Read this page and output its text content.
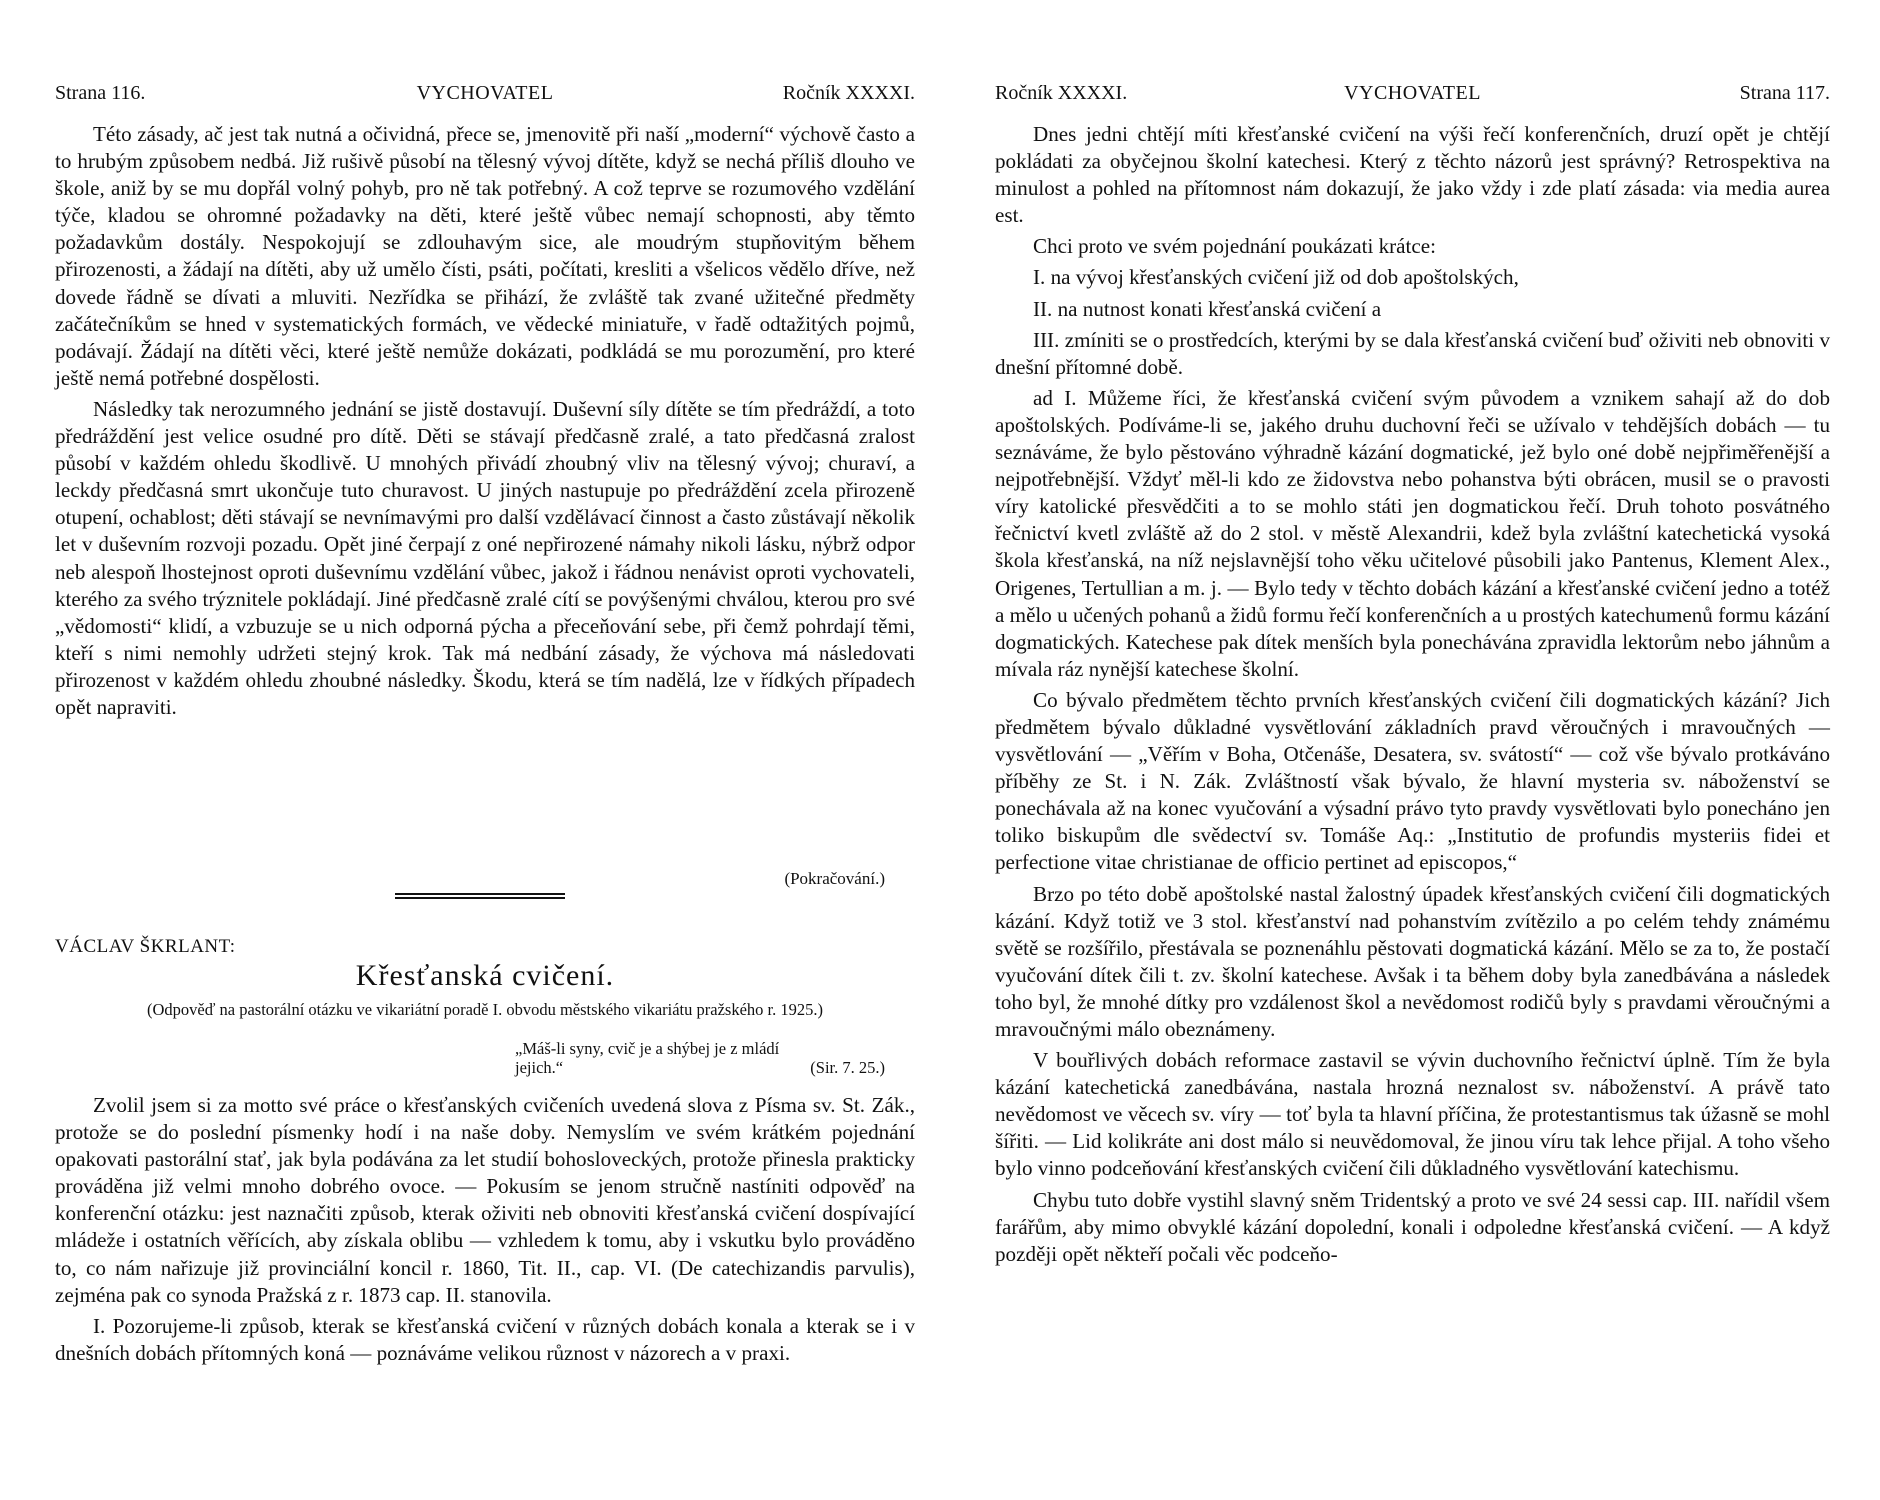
Strana 116.	VYCHOVATEL	Ročník XXXXI.

Této zásady, ač jest tak nutná a očividná, přece se, jmenovitě při naší „moderní“ výchově často a to hrubým způsobem nedbá. Již rušivě působí na tělesný vývoj dítěte, když se nechá příliš dlouho ve škole, aniž by se mu dopřál volný pohyb, pro ně tak potřebný. A což teprve se rozumového vzdělání týče, kladou se ohromné požadavky na děti, které ještě vůbec nemají schopnosti, aby těmto požadavkům dostály. Nespokojují se zdlouhavým sice, ale moudrým stupňovitým během přirozenosti, a žádají na dítěti, aby už umělo čísti, psáti, počítati, kresliti a všelicos vědělo dříve, než dovede řádně se dívati a mluviti. Nezřídka se přihází, že zvláště tak zvané užitečné předměty začátečníkům se hned v systematických formách, ve vědecké miniatuře, v řadě odtažitých pojmů, podávají. Žádají na dítěti věci, které ještě nemůže dokázati, podkládá se mu porozumění, pro které ještě nemá potřebné dospělosti.

Následky tak nerozumného jednání se jistě dostavují. Duševní síly dítěte se tím předráždí, a toto předráždění jest velice osudné pro dítě. Děti se stávají předčasně zralé, a tato předčasná zralost působí v každém ohledu škodlivě. U mnohých přivádí zhoubný vliv na tělesný vývoj; churaví, a leckdy předčasná smrt ukončuje tuto churavost. U jiných nastupuje po předráždění zcela přirozeně otupení, ochablost; děti stávají se nevnímavými pro další vzdělávací činnost a často zůstávají několik let v duševním rozvoji pozadu. Opět jiné čerpají z oné nepřirozené námahy nikoli lásku, nýbrž odpor neb alespoň lhostejnost oproti duševnímu vzdělání vůbec, jakož i řádnou nenávist oproti vychovateli, kterého za svého trýznitele pokládají. Jiné předčasně zralé cítí se povýšenými chválou, kterou pro své „vědomosti“ klidí, a vzbuzuje se u nich odporná pýcha a přeceňování sebe, při čemž pohrdají těmi, kteří s nimi nemohly udržeti stejný krok. Tak má nedbání zásady, že výchova má následovati přirozenost v každém ohledu zhoubné následky. Škodu, která se tím nadělá, lze v řídkých případech opět napraviti.

(Pokračování.)
VÁCLAV ŠKRLANT:
Křesťanská cvičení.
(Odpověď na pastorální otázku ve vikariátní poradě I. obvodu městského vikariátu pražského r. 1925.)
„Máš-li syny, cvič je a shýbej je z mládí
jejich.“	(Sir. 7. 25.)

Zvolil jsem si za motto své práce o křesťanských cvičeních uvedená slova z Písma sv. St. Zák., protože se do poslední písmenky hodí i na naše doby. Nemyslím ve svém krátkém pojednání opakovati pastorální stať, jak byla podávána za let studií bohosloveckých, protože přinesla prakticky prováděna již velmi mnoho dobrého ovoce. — Pokusím se jenom stručně nastíniti odpověď na konferenční otázku: jest naznačiti způsob, kterak oživiti neb obnoviti křesťanská cvičení dospívající mládeže i ostatních věřících, aby získala oblibu — vzhledem k tomu, aby i vskutku bylo prováděno to, co nám nařizuje již provinciální koncil r. 1860, Tit. II., cap. VI. (De catechizandis parvulis), zejména pak co synoda Pražská z r. 1873 cap. II. stanovila.

I. Pozorujeme-li způsob, kterak se křesťanská cvičení v různých dobách konala a kterak se i v dnešních dobách přítomných koná — poznáváme velikou různost v názorech a v praxi.

Ročník XXXXI.	VYCHOVATEL	Strana 117.

Dnes jedni chtějí míti křesťanské cvičení na výši řečí konferenčních, druzí opět je chtějí pokládati za obyčejnou školní katechesi. Který z těchto názorů jest správný? Retrospektiva na minulost a pohled na přítomnost nám dokazují, že jako vždy i zde platí zásada: via media aurea est.

Chci proto ve svém pojednání poukázati krátce:

I. na vývoj křesťanských cvičení již od dob apoštolských,

II. na nutnost konati křesťanská cvičení a

III. zmíniti se o prostředcích, kterými by se dala křesťanská cvičení buď oživiti neb obnoviti v dnešní přítomné době.

ad I. Můžeme říci, že křesťanská cvičení svým původem a vznikem sahají až do dob apoštolských. Podíváme-li se, jakého druhu duchovní řeči se užívalo v tehdějších dobách — tu seznáváme, že bylo pěstováno výhradně kázání dogmatické, jež bylo oné době nejpřiměřenější a nejpotřebnější. Vždyť měl-li kdo ze židovstva nebo pohanstva býti obrácen, musil se o pravosti víry katolické přesvědčiti a to se mohlo státi jen dogmatickou řečí. Druh tohoto posvátného řečnictví kvetl zvláště až do 2 stol. v městě Alexandrii, kdež byla zvláštní katechetická vysoká škola křesťanská, na níž nejslavnější toho věku učitelové působili jako Pantenus, Klement Alex., Origenes, Tertullian a m. j. — Bylo tedy v těchto dobách kázání a křesťanské cvičení jedno a totéž a mělo u učených pohanů a židů formu řečí konferenčních a u prostých katechumenů formu kázání dogmatických. Katechese pak dítek menších byla ponechávána zpravidla lektorům nebo jáhnům a mívala ráz nynější katechese školní.

Co bývalo předmětem těchto prvních křesťanských cvičení čili dogmatických kázání? Jich předmětem bývalo důkladné vysvětlování základních pravd věroučných i mravoučných — vysvětlování — „Věřím v Boha, Otčenáše, Desatera, sv. svátostí“ — což vše bývalo protkáváno příběhy ze St. i N. Zák. Zvláštností však bývalo, že hlavní mysteria sv. náboženství se ponechávala až na konec vyučování a výsadní právo tyto pravdy vysvětlovati bylo ponecháno jen toliko biskupům dle svědectví sv. Tomáše Aq.: „Institutio de profundis mysteriis fidei et perfectione vitae christianae de officio pertinet ad episcopos,“

Brzo po této době apoštolské nastal žalostný úpadek křesťanských cvičení čili dogmatických kázání. Když totiž ve 3 stol. křesťanství nad pohanstvím zvítězilo a po celém tehdy známému světě se rozšířilo, přestávala se poznenáhlu pěstovati dogmatická kázání. Mělo se za to, že postačí vyučování dítek čili t. zv. školní katechese. Avšak i ta během doby byla zanedbávána a následek toho byl, že mnohé dítky pro vzdálenost škol a nevědomost rodičů byly s pravdami věroučnými a mravoučnými málo obeznámeny.

V bouřlivých dobách reformace zastavil se vývin duchovního řečnictví úplně. Tím že byla kázání katechetická zanedbávána, nastala hrozná neznalost sv. náboženství. A právě tato nevědomost ve věcech sv. víry — toť byla ta hlavní příčina, že protestantismus tak úžasně se mohl šířiti. — Lid kolikráte ani dost málo si neuvědomoval, že jinou víru tak lehce přijal. A toho všeho bylo vinno podceňování křesťanských cvičení čili důkladného vysvětlování katechismu.

Chybu tuto dobře vystihl slavný sněm Tridentský a proto ve své 24 sessi cap. III. nařídil všem farářům, aby mimo obvyklé kázání dopolední, konali i odpoledne křesťanská cvičení. — A když později opět někteří počali věc podceňo-
